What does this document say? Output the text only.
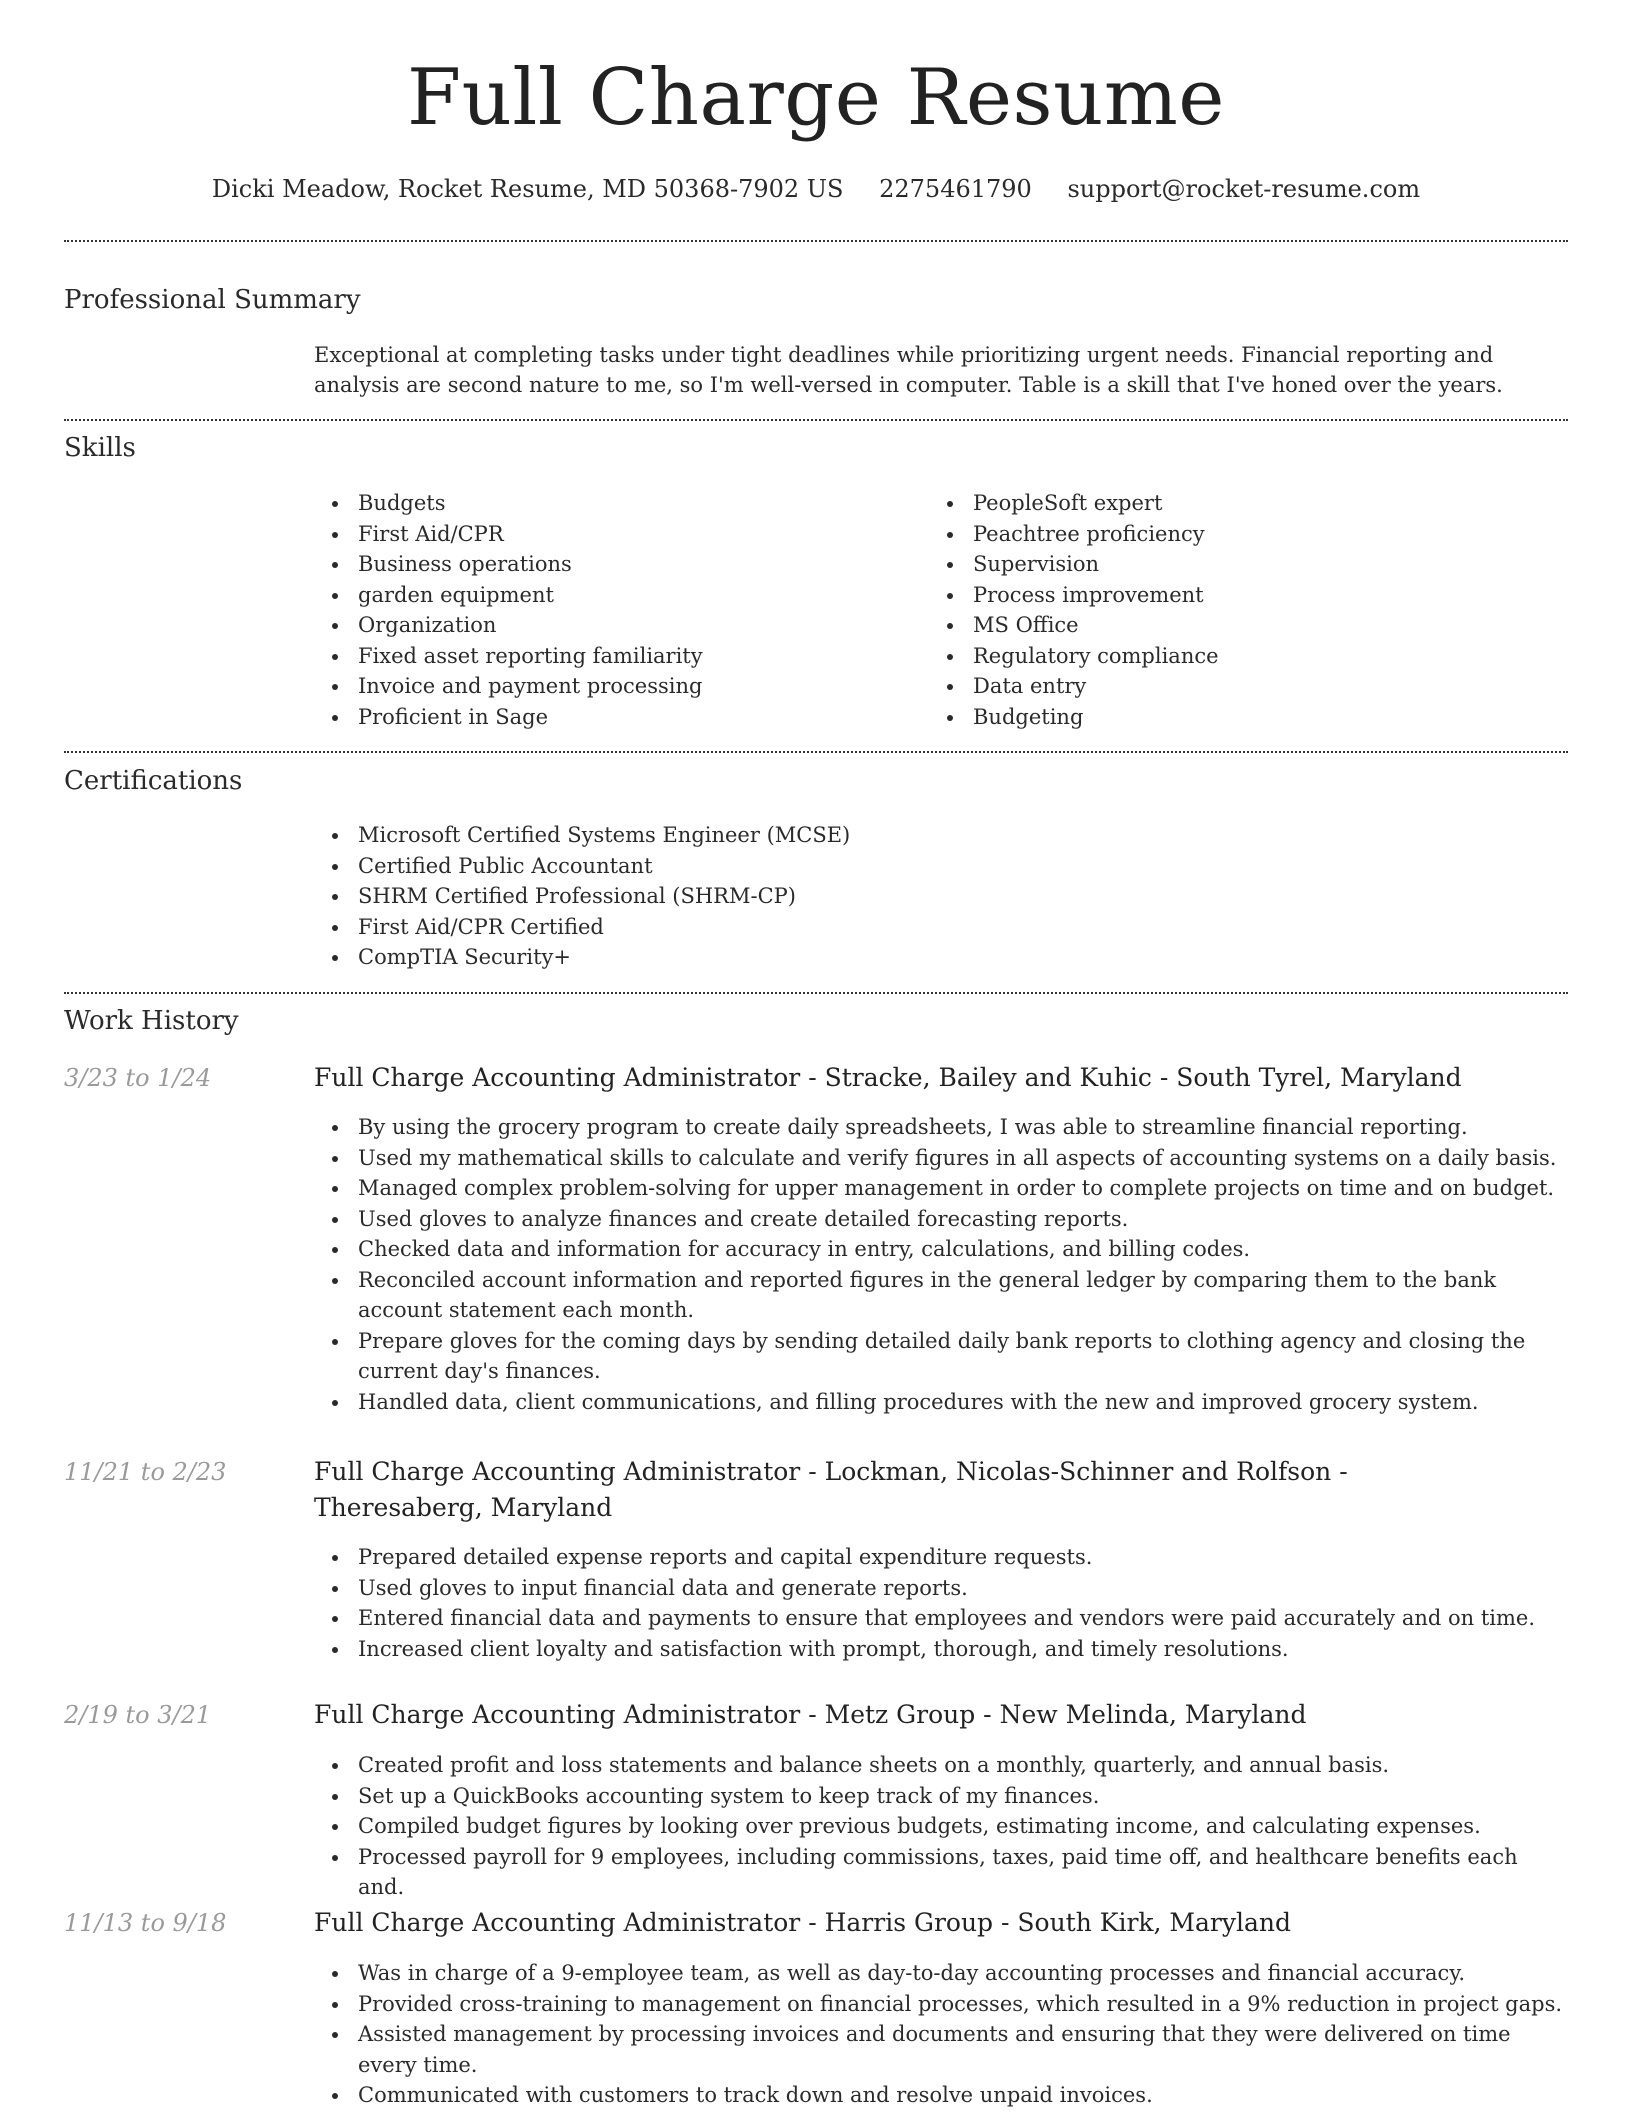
Full Charge Resume
Dicki Meadow, Rocket Resume, MD 50368-7902 US 2275461790 support@rocket-resume.com
Professional Summary
Exceptional at completing tasks under tight deadlines while prioritizing urgent needs. Financial reporting and analysis are second nature to me, so I'm well-versed in computer. Table is a skill that I've honed over the years.
Skills
Budgets
First Aid/CPR
Business operations
garden equipment
Organization
Fixed asset reporting familiarity
Invoice and payment processing
Proficient in Sage
PeopleSoft expert
Peachtree proficiency
Supervision
Process improvement
MS Office
Regulatory compliance
Data entry
Budgeting
Certifications
Microsoft Certified Systems Engineer (MCSE)
Certified Public Accountant
SHRM Certified Professional (SHRM-CP)
First Aid/CPR Certified
CompTIA Security+
Work History
3/23 to 1/24	Full Charge Accounting Administrator - Stracke, Bailey and Kuhic - South Tyrel, Maryland
By using the grocery program to create daily spreadsheets, I was able to streamline financial reporting.
Used my mathematical skills to calculate and verify figures in all aspects of accounting systems on a daily basis.
Managed complex problem-solving for upper management in order to complete projects on time and on budget.
Used gloves to analyze finances and create detailed forecasting reports.
Checked data and information for accuracy in entry, calculations, and billing codes.
Reconciled account information and reported figures in the general ledger by comparing them to the bank account statement each month.
Prepare gloves for the coming days by sending detailed daily bank reports to clothing agency and closing the current day's finances.
Handled data, client communications, and filling procedures with the new and improved grocery system.
11/21 to 2/23	Full Charge Accounting Administrator - Lockman, Nicolas-Schinner and Rolfson - Theresaberg, Maryland
Prepared detailed expense reports and capital expenditure requests.
Used gloves to input financial data and generate reports.
Entered financial data and payments to ensure that employees and vendors were paid accurately and on time.
Increased client loyalty and satisfaction with prompt, thorough, and timely resolutions.
2/19 to 3/21	Full Charge Accounting Administrator - Metz Group - New Melinda, Maryland
Created profit and loss statements and balance sheets on a monthly, quarterly, and annual basis.
Set up a QuickBooks accounting system to keep track of my finances.
Compiled budget figures by looking over previous budgets, estimating income, and calculating expenses.
Processed payroll for 9 employees, including commissions, taxes, paid time off, and healthcare benefits each and.
11/13 to 9/18	Full Charge Accounting Administrator - Harris Group - South Kirk, Maryland
Was in charge of a 9-employee team, as well as day-to-day accounting processes and financial accuracy.
Provided cross-training to management on financial processes, which resulted in a 9% reduction in project gaps.
Assisted management by processing invoices and documents and ensuring that they were delivered on time every time.
Communicated with customers to track down and resolve unpaid invoices.
